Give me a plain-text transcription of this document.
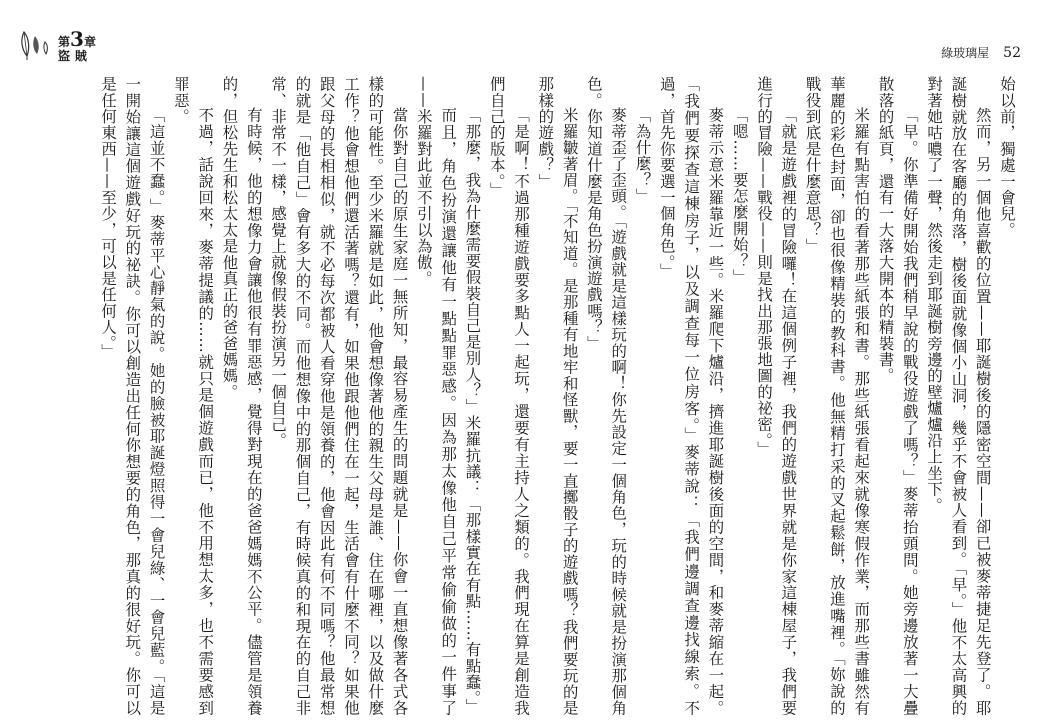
第3章
盜賊	綠玻璃屋 52

始以前，獨處一會兒。

然而，另一個他喜歡的位置——耶誕樹後的隱密空間——卻已被麥蒂捷足先登了。耶誕樹就放在客廳的角落，樹後面就像個小山洞，幾乎不會被人看到。「早。」他不太高興的對著她咕噥了一聲，然後走到耶誕樹旁邊的壁爐爐沿上坐下。

「早。你準備好開始我們稍早說的戰役遊戲了嗎？」麥蒂抬頭問。她旁邊放著一大疊散落的紙頁，還有一大落大開本的精裝書。

米羅有點害怕的看著那些紙張和書。那些紙張看起來就像寒假作業，而那些書雖然有華麗的彩色封面，卻也很像精裝的教科書。他無精打采的叉起鬆餅，放進嘴裡。「妳說的戰役到底是什麼意思？」

「就是遊戲裡的冒險囉！在這個例子裡，我們的遊戲世界就是你家這棟屋子，我們要進行的冒險——戰役——則是找出那張地圖的祕密。」

「嗯……要怎麼開始？」

麥蒂示意米羅靠近一些。米羅爬下爐沿，擠進耶誕樹後面的空間，和麥蒂縮在一起。「我們要探查這棟房子，以及調查每一位房客。」麥蒂說：「我們邊調查邊找線索。不過，首先你要選一個角色。」

「為什麼？」

麥蒂歪了歪頭。「遊戲就是這樣玩的啊！你先設定一個角色，玩的時候就是扮演那個角色。你知道什麼是角色扮演遊戲嗎？」

米羅皺著眉。「不知道。是那種有地牢和怪獸，要一直擲骰子的遊戲嗎？我們要玩的是那樣的遊戲？」

「是啊！不過那種遊戲要多點人一起玩，還要有主持人之類的。我們現在算是創造我們自己的版本。」

「那麼，我為什麼需要假裝自己是別人？」米羅抗議：「那樣實在有點……有點蠢。」

而且，角色扮演還讓他有一點點罪惡感。因為那太像他自己平常偷偷做的一件事了——米羅對此並不引以為傲。

當你對自己的原生家庭一無所知，最容易產生的問題就是——你會一直想像著各式各樣的可能性。至少米羅就是如此，他會想像著他的親生父母是誰、住在哪裡，以及做什麼工作？他會想他們還活著嗎？還有，如果他跟他們住在一起，生活會有什麼不同？如果他跟父母的長相相似，就不必每次都被人看穿他是領養的，他會因此有何不同嗎？他最常想的就是「他自己」會有多大的不同。而他想像中的那個自己，有時候真的和現在的自己非常、非常不一樣，感覺上就像假裝扮演另一個自己。

有時候，他的想像力會讓他很有罪惡感，覺得對現在的爸爸媽媽不公平。儘管是領養的，但松先生和松太太是他真正的爸爸媽媽。

不過，話說回來，麥蒂提議的……就只是個遊戲而已，他不用想太多，也不需要感到罪惡。

「這並不蠢。」麥蒂平心靜氣的說。她的臉被耶誕燈照得一會兒綠、一會兒藍。「這是一開始讓這個遊戲好玩的祕訣。你可以創造出任何你想要的角色，那真的很好玩。你可以是任何東西——至少，可以是任何人。」
